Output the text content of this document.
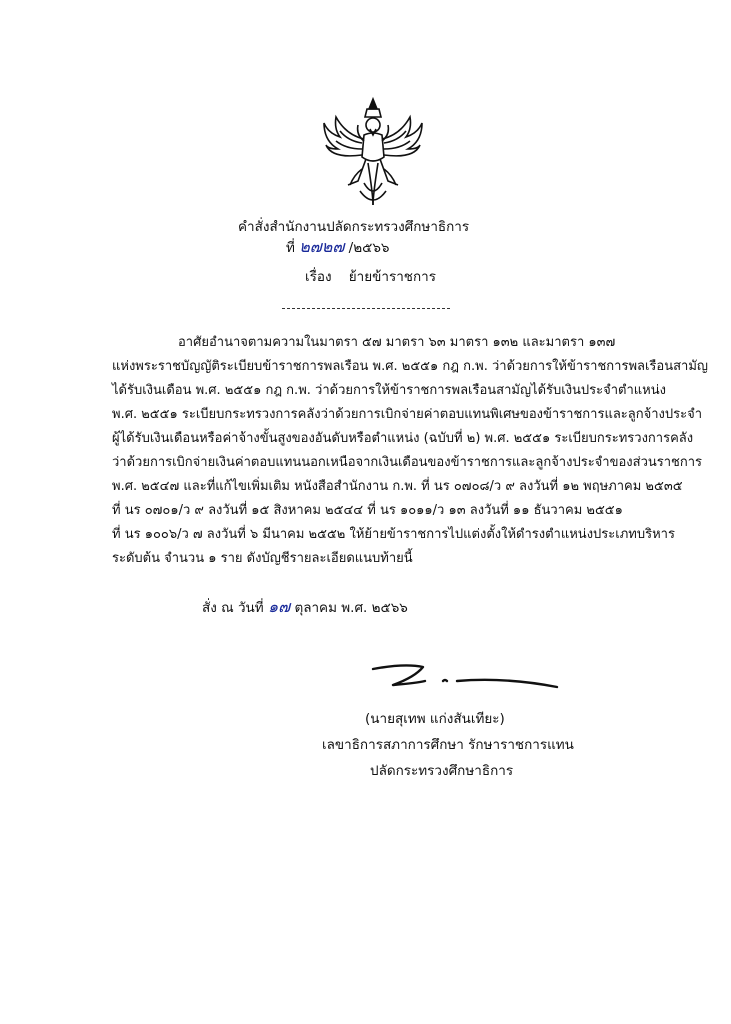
คำสั่งสำนักงานปลัดกระทรวงศึกษาธิการ
ที่ ๒๗๒๗ /๒๕๖๖
เรื่อง ย้ายข้าราชการ
อาศัยอำนาจตามความในมาตรา ๕๗ มาตรา ๖๓ มาตรา ๑๓๒ และมาตรา ๑๓๗
แห่งพระราชบัญญัติระเบียบข้าราชการพลเรือน พ.ศ. ๒๕๕๑ กฎ ก.พ. ว่าด้วยการให้ข้าราชการพลเรือนสามัญ
ได้รับเงินเดือน พ.ศ. ๒๕๕๑ กฎ ก.พ. ว่าด้วยการให้ข้าราชการพลเรือนสามัญได้รับเงินประจำตำแหน่ง
พ.ศ. ๒๕๕๑ ระเบียบกระทรวงการคลังว่าด้วยการเบิกจ่ายค่าตอบแทนพิเศษของข้าราชการและลูกจ้างประจำ
ผู้ได้รับเงินเดือนหรือค่าจ้างขั้นสูงของอันดับหรือตำแหน่ง (ฉบับที่ ๒) พ.ศ. ๒๕๕๑ ระเบียบกระทรวงการคลัง
ว่าด้วยการเบิกจ่ายเงินค่าตอบแทนนอกเหนือจากเงินเดือนของข้าราชการและลูกจ้างประจำของส่วนราชการ
พ.ศ. ๒๕๔๗ และที่แก้ไขเพิ่มเติม หนังสือสำนักงาน ก.พ. ที่ นร ๐๗๐๘/ว ๙ ลงวันที่ ๑๒ พฤษภาคม ๒๕๓๕
ที่ นร ๐๗๐๑/ว ๙ ลงวันที่ ๑๕ สิงหาคม ๒๕๔๔ ที่ นร ๑๐๑๑/ว ๑๓ ลงวันที่ ๑๑ ธันวาคม ๒๕๕๑
ที่ นร ๑๐๐๖/ว ๗ ลงวันที่ ๖ มีนาคม ๒๕๕๒ ให้ย้ายข้าราชการไปแต่งตั้งให้ดำรงตำแหน่งประเภทบริหาร
ระดับต้น จำนวน ๑ ราย ดังบัญชีรายละเอียดแนบท้ายนี้
สั่ง ณ วันที่ ๑๗ ตุลาคม พ.ศ. ๒๕๖๖
(นายสุเทพ แก่งสันเทียะ)
เลขาธิการสภาการศึกษา รักษาราชการแทน
ปลัดกระทรวงศึกษาธิการ
